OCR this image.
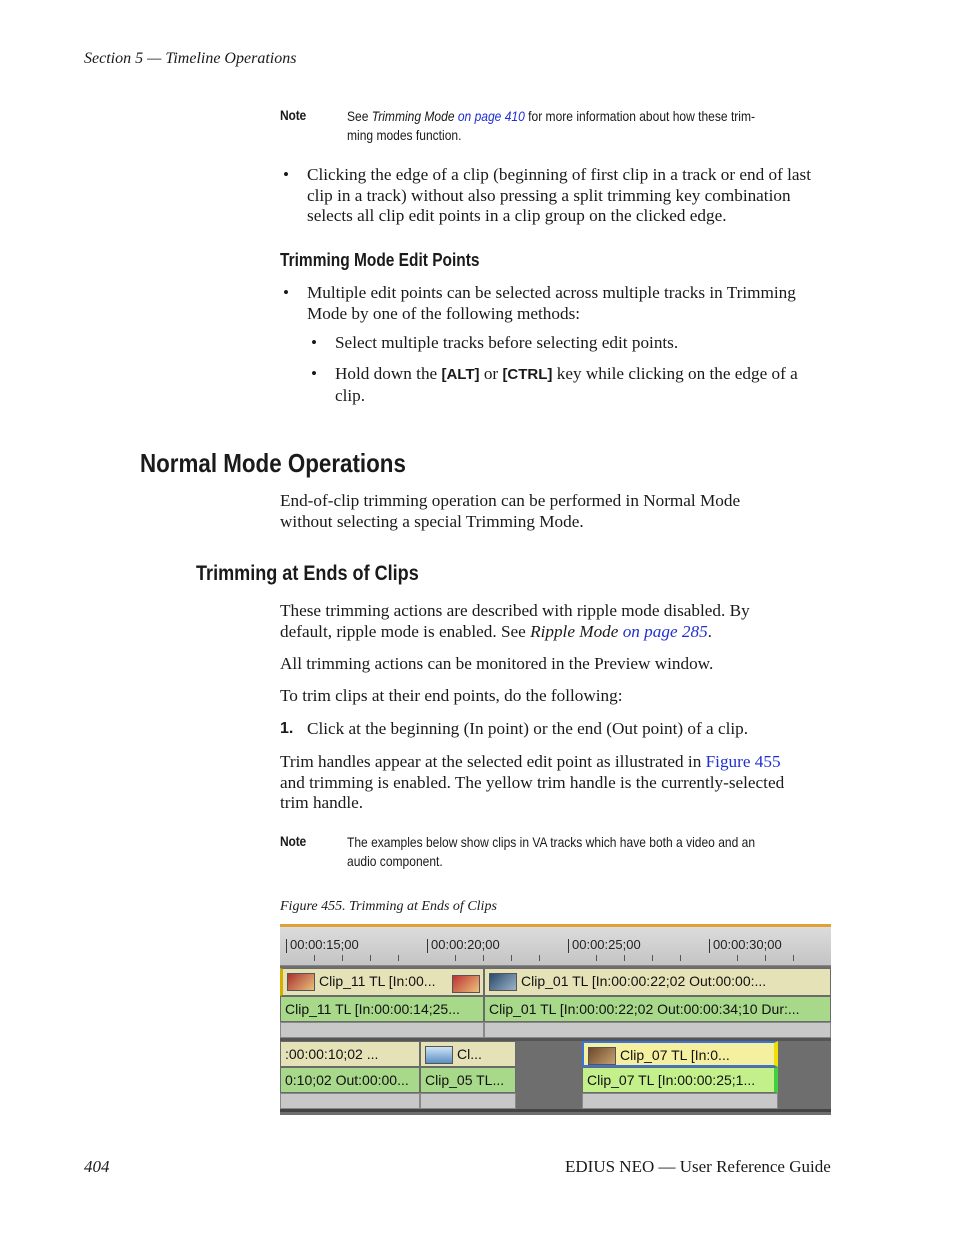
Section 5 — Timeline Operations
Note	See Trimming Mode on page 410 for more information about how these trim-
ming modes function.
• Clicking the edge of a clip (beginning of first clip in a track or end of last
clip in a track) without also pressing a split trimming key combination
selects all clip edit points in a clip group on the clicked edge.
Trimming Mode Edit Points
• Multiple edit points can be selected across multiple tracks in Trimming
Mode by one of the following methods:
• Select multiple tracks before selecting edit points.
• Hold down the [ALT] or [CTRL] key while clicking on the edge of a
clip.
Normal Mode Operations
End-of-clip trimming operation can be performed in Normal Mode
without selecting a special Trimming Mode.
Trimming at Ends of Clips
These trimming actions are described with ripple mode disabled. By
default, ripple mode is enabled. See Ripple Mode on page 285.
All trimming actions can be monitored in the Preview window.
To trim clips at their end points, do the following:
1. Click at the beginning (In point) or the end (Out point) of a clip.
Trim handles appear at the selected edit point as illustrated in Figure 455
and trimming is enabled. The yellow trim handle is the currently-selected
trim handle.
Note	The examples below show clips in VA tracks which have both a video and an
audio component.
Figure 455. Trimming at Ends of Clips
00:00:15;00	00:00:20;00	00:00:25;00	00:00:30;00
Clip_11 TL [In:00...	Clip_01 TL [In:00:00:22;02 Out:00:00:...
Clip_11 TL [In:00:00:14;25...	Clip_01 TL [In:00:00:22;02 Out:00:00:34;10 Dur:...
:00:00:10;02 ...	Cl...	Clip_07 TL [In:0...
0:10;02 Out:00:00...	Clip_05 TL...	Clip_07 TL [In:00:00:25;1...
404	EDIUS NEO — User Reference Guide
